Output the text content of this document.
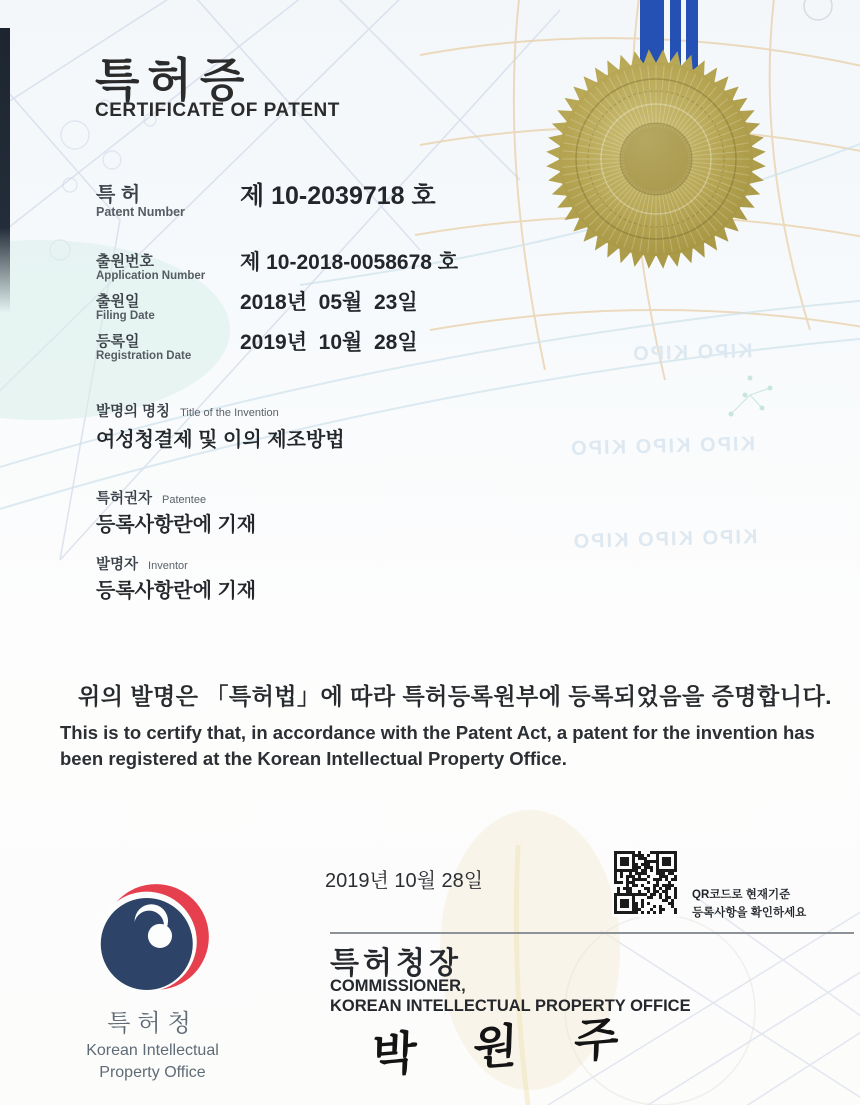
KIPO KIPO

KIPO KIPO KIPO

KIPO KIPO KIPO

특허증
CERTIFICATE OF PATENT
특 허
Patent Number
제 10-2039718 호
출원번호
Application Number
제 10-2018-0058678 호
출원일
Filing Date
2018년  05월  23일
등록일
Registration Date
2019년  10월  28일
발명의 명칭 Title of the Invention
여성청결제 및 이의 제조방법
특허권자 Patentee
등록사항란에 기재
발명자 Inventor
등록사항란에 기재
위의 발명은 「특허법」에 따라 특허등록원부에 등록되었음을 증명합니다.
This is to certify that, in accordance with the Patent Act, a patent for the invention has been registered at the Korean Intellectual Property Office.
2019년 10월 28일
QR코드로 현재기준
등록사항을 확인하세요
특허청장
COMMISSIONER,
KOREAN INTELLECTUAL PROPERTY OFFICE
박 원 주
특허청
Korean Intellectual
Property Office
